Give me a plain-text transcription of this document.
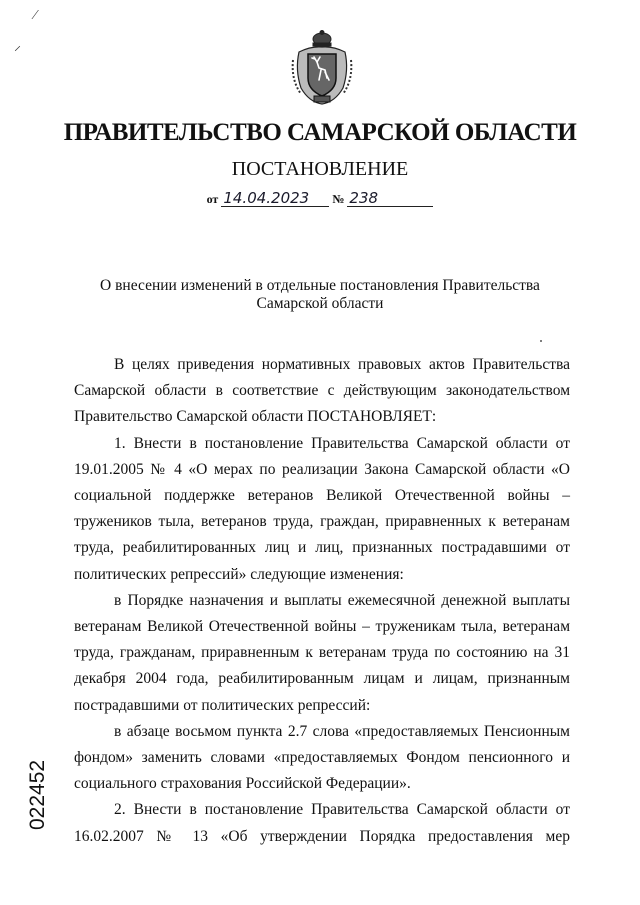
⁄
⸝
ПРАВИТЕЛЬСТВО САМАРСКОЙ ОБЛАСТИ
ПОСТАНОВЛЕНИЕ
от 14.04.2023 № 238
О внесении изменений в отдельные постановления Правительства
Самарской области

В целях приведения нормативных правовых актов Правительства Самарской области в соответствие с действующим законодательством Правительство Самарской области ПОСТАНОВЛЯЕТ:

1. Внести в постановление Правительства Самарской области от 19.01.2005 № 4 «О мерах по реализации Закона Самарской области «О социальной поддержке ветеранов Великой Отечественной войны – тружеников тыла, ветеранов труда, граждан, приравненных к ветеранам труда, реабилитированных лиц и лиц, признанных пострадавшими от политических репрессий» следующие изменения:

в Порядке назначения и выплаты ежемесячной денежной выплаты ветеранам Великой Отечественной войны – труженикам тыла, ветеранам труда, гражданам, приравненным к ветеранам труда по состоянию на 31 декабря 2004 года, реабилитированным лицам и лицам, признанным пострадавшими от политических репрессий:

в абзаце восьмом пункта 2.7 слова «предоставляемых Пенсионным фондом» заменить словами «предоставляемых Фондом пенсионного и социального страхования Российской Федерации».

2. Внести в постановление Правительства Самарской области от 16.02.2007 № 13 «Об утверждении Порядка предоставления мер

022452
